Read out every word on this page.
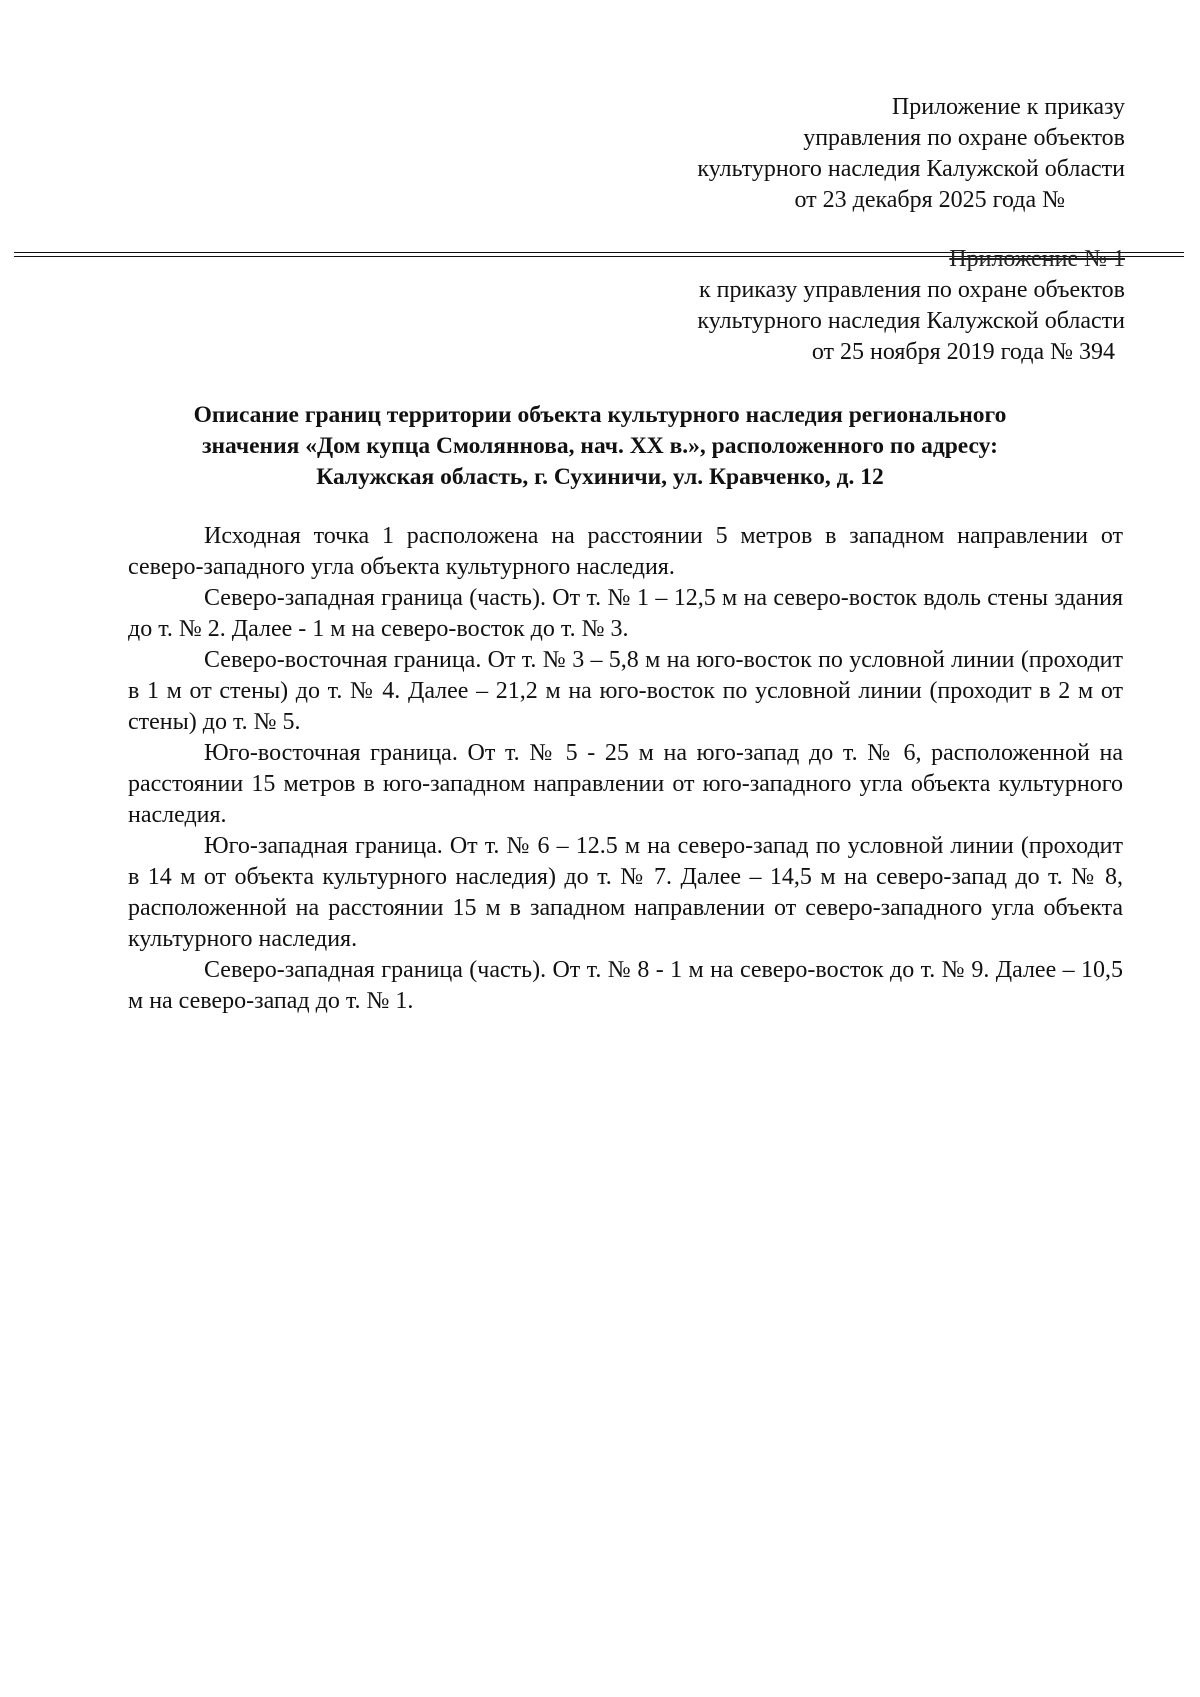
Приложение к приказу
управления по охране объектов
культурного наследия Калужской области
от 23 декабря 2025 года №
Приложение № 1
к приказу управления по охране объектов
культурного наследия Калужской области
от 25 ноября 2019 года № 394
Описание границ территории объекта культурного наследия регионального
значения «Дом купца Смоляннова, нач. XX в.», расположенного по адресу:
Калужская область, г. Сухиничи, ул. Кравченко, д. 12

Исходная точка 1 расположена на расстоянии 5 метров в западном направлении от северо-западного угла объекта культурного наследия.

Северо-западная граница (часть). От т. № 1 – 12,5 м на северо-восток вдоль стены здания до т. № 2. Далее - 1 м на северо-восток до т. № 3.

Северо-восточная граница. От т. № 3 – 5,8 м на юго-восток по условной линии (проходит в 1 м от стены) до т. № 4. Далее – 21,2 м на юго-восток по условной линии (проходит в 2 м от стены) до т. № 5.

Юго-восточная граница. От т. № 5 - 25 м на юго-запад до т. № 6, расположенной на расстоянии 15 метров в юго-западном направлении от юго-западного угла объекта культурного наследия.

Юго-западная граница. От т. № 6 – 12.5 м на северо-запад по условной линии (проходит в 14 м от объекта культурного наследия) до т. № 7. Далее – 14,5 м на северо-запад до т. № 8, расположенной на расстоянии 15 м в западном направлении от северо-западного угла объекта культурного наследия.

Северо-западная граница (часть). От т. № 8 - 1 м на северо-восток до т. № 9. Далее – 10,5 м на северо-запад до т. № 1.
